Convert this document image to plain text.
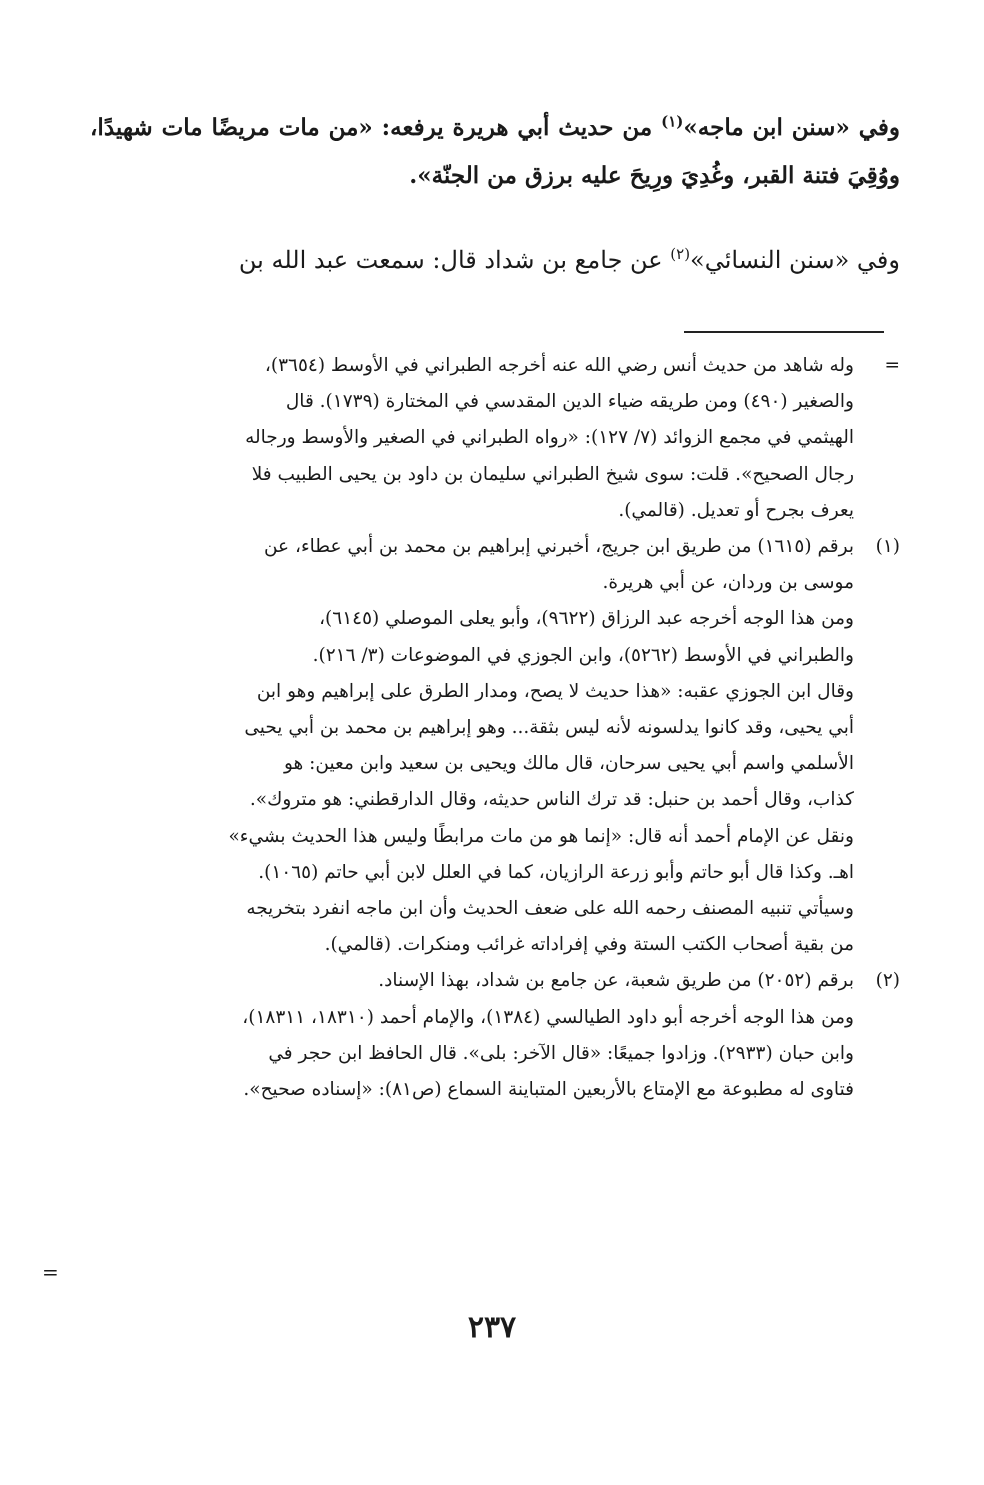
وفي «سنن ابن ماجه»$^{(١)}$ من حديث أبي هريرة يرفعه: «من مات مريضًا مات شهيدًا، ووُقِيَ فتنة القبر، وغُدِيَ ورِيحَ عليه برزق من الجنّة».

وفي «سنن النسائي»$^{(٢)}$ عن جامع بن شداد قال: سمعت عبد الله بن

=
وله شاهد من حديث أنس رضي الله عنه أخرجه الطبراني في الأوسط (٣٦٥٤)،
والصغير (٤٩٠) ومن طريقه ضياء الدين المقدسي في المختارة (١٧٣٩). قال
الهيثمي في مجمع الزوائد (٧/ ١٢٧): «رواه الطبراني في الصغير والأوسط ورجاله
رجال الصحيح». قلت: سوى شيخ الطبراني سليمان بن داود بن يحيى الطبيب فلا
يعرف بجرح أو تعديل. (قالمي).
(١)
برقم (١٦١٥) من طريق ابن جريج، أخبرني إبراهيم بن محمد بن أبي عطاء، عن
موسى بن وردان، عن أبي هريرة.
ومن هذا الوجه أخرجه عبد الرزاق (٩٦٢٢)، وأبو يعلى الموصلي (٦١٤٥)،
والطبراني في الأوسط (٥٢٦٢)، وابن الجوزي في الموضوعات (٣/ ٢١٦).
وقال ابن الجوزي عقبه: «هذا حديث لا يصح، ومدار الطرق على إبراهيم وهو ابن
أبي يحيى، وقد كانوا يدلسونه لأنه ليس بثقة... وهو إبراهيم بن محمد بن أبي يحيى
الأسلمي واسم أبي يحيى سرحان، قال مالك ويحيى بن سعيد وابن معين: هو
كذاب، وقال أحمد بن حنبل: قد ترك الناس حديثه، وقال الدارقطني: هو متروك».
ونقل عن الإمام أحمد أنه قال: «إنما هو من مات مرابطًا وليس هذا الحديث بشيء»
اهـ. وكذا قال أبو حاتم وأبو زرعة الرازيان، كما في العلل لابن أبي حاتم (١٠٦٥).
وسيأتي تنبيه المصنف رحمه الله على ضعف الحديث وأن ابن ماجه انفرد بتخريجه
من بقية أصحاب الكتب الستة وفي إفراداته غرائب ومنكرات. (قالمي).
(٢)
برقم (٢٠٥٢) من طريق شعبة، عن جامع بن شداد، بهذا الإسناد.
ومن هذا الوجه أخرجه أبو داود الطيالسي (١٣٨٤)، والإمام أحمد (١٨٣١٠، ١٨٣١١)،
وابن حبان (٢٩٣٣). وزادوا جميعًا: «قال الآخر: بلى». قال الحافظ ابن حجر في
فتاوى له مطبوعة مع الإمتاع بالأربعين المتباينة السماع (ص٨١): «إسناده صحيح».
=
٢٣٧
